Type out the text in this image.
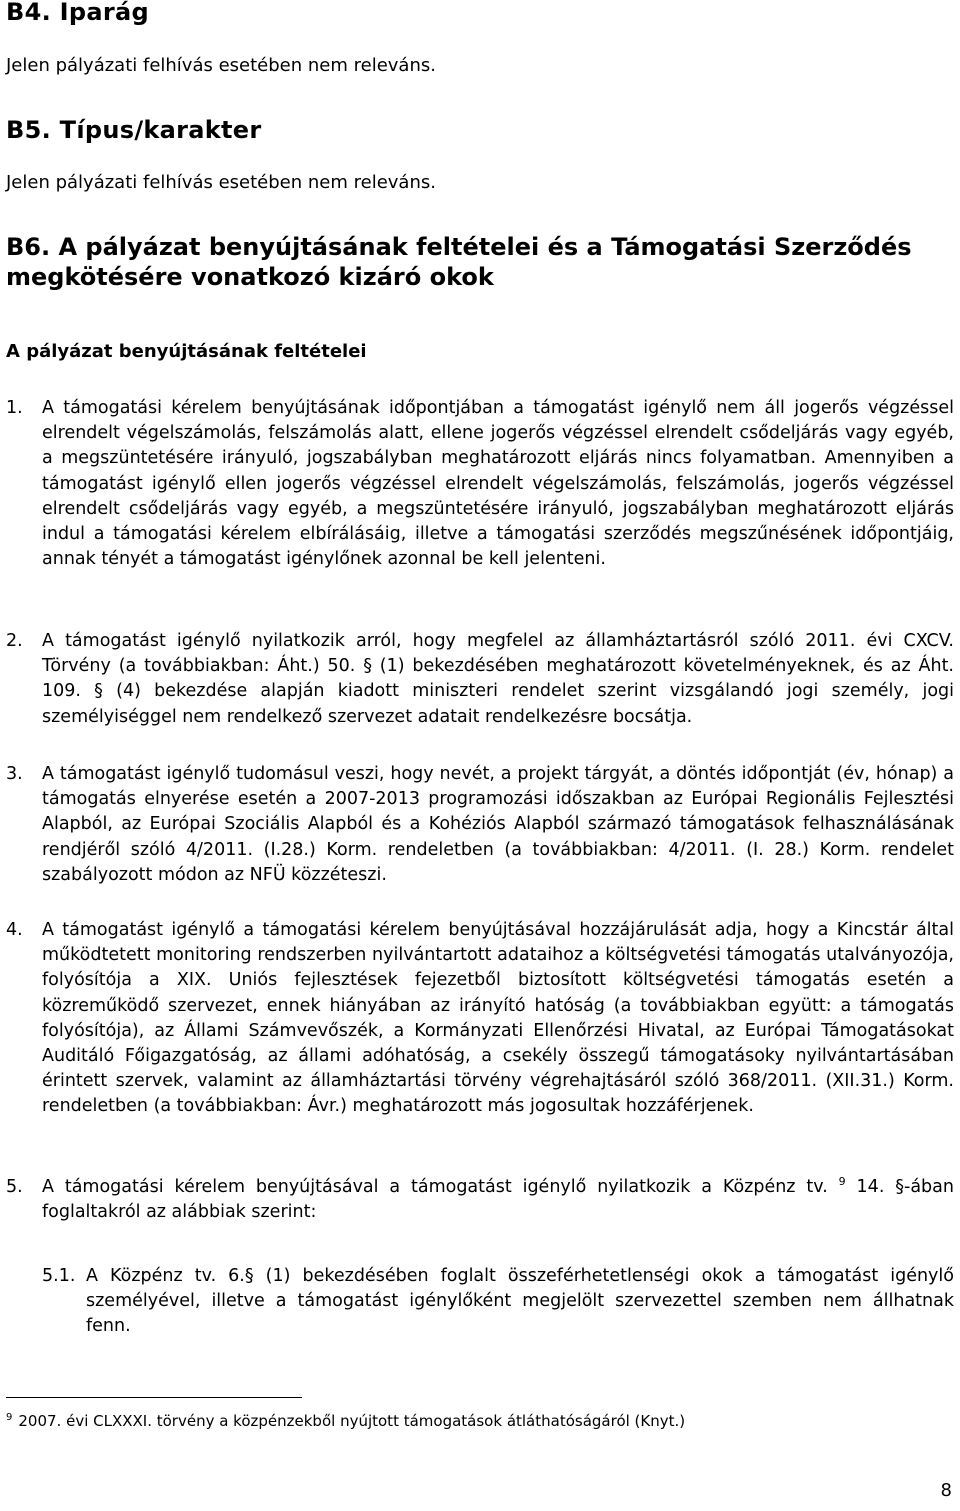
B4. Iparág
Jelen pályázati felhívás esetében nem releváns.
B5. Típus/karakter
Jelen pályázati felhívás esetében nem releváns.
B6. A pályázat benyújtásának feltételei és a Támogatási Szerződés megkötésére vonatkozó kizáró okok
A pályázat benyújtásának feltételei
1. A támogatási kérelem benyújtásának időpontjában a támogatást igénylő nem áll jogerős végzéssel elrendelt végelszámolás, felszámolás alatt, ellene jogerős végzéssel elrendelt csődeljárás vagy egyéb, a megszüntetésére irányuló, jogszabályban meghatározott eljárás nincs folyamatban. Amennyiben a támogatást igénylő ellen jogerős végzéssel elrendelt végelszámolás, felszámolás, jogerős végzéssel elrendelt csődeljárás vagy egyéb, a megszüntetésére irányuló, jogszabályban meghatározott eljárás indul a támogatási kérelem elbírálásáig, illetve a támogatási szerződés megszűnésének időpontjáig, annak tényét a támogatást igénylőnek azonnal be kell jelenteni.
2. A támogatást igénylő nyilatkozik arról, hogy megfelel az államháztartásról szóló 2011. évi CXCV. Törvény (a továbbiakban: Áht.) 50. § (1) bekezdésében meghatározott követelményeknek, és az Áht. 109. § (4) bekezdése alapján kiadott miniszteri rendelet szerint vizsgálandó jogi személy, jogi személyiséggel nem rendelkező szervezet adatait rendelkezésre bocsátja.
3. A támogatást igénylő tudomásul veszi, hogy nevét, a projekt tárgyát, a döntés időpontját (év, hónap) a támogatás elnyerése esetén a 2007-2013 programozási időszakban az Európai Regionális Fejlesztési Alapból, az Európai Szociális Alapból és a Kohéziós Alapból származó támogatások felhasználásának rendjéről szóló 4/2011. (I.28.) Korm. rendeletben (a továbbiakban: 4/2011. (I. 28.) Korm. rendelet szabályozott módon az NFÜ közzéteszi.
4. A támogatást igénylő a támogatási kérelem benyújtásával hozzájárulását adja, hogy a Kincstár által működtetett monitoring rendszerben nyilvántartott adataihoz a költségvetési támogatás utalványozója, folyósítója a XIX. Uniós fejlesztések fejezetből biztosított költségvetési támogatás esetén a közreműködő szervezet, ennek hiányában az irányító hatóság (a továbbiakban együtt: a támogatás folyósítója), az Állami Számvevőszék, a Kormányzati Ellenőrzési Hivatal, az Európai Támogatásokat Auditáló Főigazgatóság, az állami adóhatóság, a csekély összegű támogatásoky nyilvántartásában érintett szervek, valamint az államháztartási törvény végrehajtásáról szóló 368/2011. (XII.31.) Korm. rendeletben (a továbbiakban: Ávr.) meghatározott más jogosultak hozzáférjenek.
5. A támogatási kérelem benyújtásával a támogatást igénylő nyilatkozik a Közpénz tv. $^9$ 14. §-ában foglaltakról az alábbiak szerint:
5.1. A Közpénz tv. 6.§ (1) bekezdésében foglalt összeférhetetlenségi okok a támogatást igénylő személyével, illetve a támogatást igénylőként megjelölt szervezettel szemben nem állhatnak fenn.
$^9$ 2007. évi CLXXXI. törvény a közpénzekből nyújtott támogatások átláthatóságáról (Knyt.)
8
